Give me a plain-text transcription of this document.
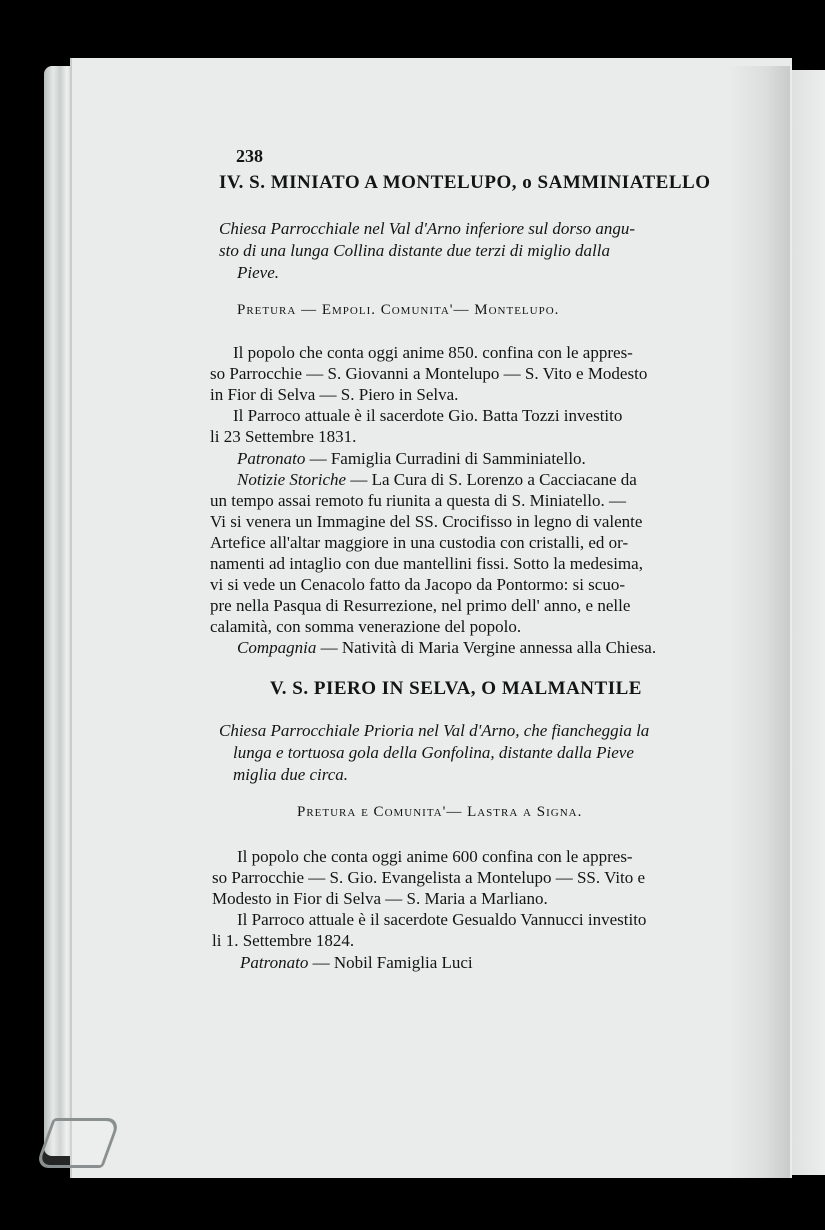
238
IV. S. MINIATO A MONTELUPO, o SAMMINIATELLO
Chiesa Parrocchiale nel Val d'Arno inferiore sul dorso angu-
sto di una lunga Collina distante due terzi di miglio dalla
Pieve.
Pretura — Empoli. Comunita'— Montelupo.
Il popolo che conta oggi anime 850. confina con le appres-
so Parrocchie — S. Giovanni a Montelupo — S. Vito e Modesto
in Fior di Selva — S. Piero in Selva.
Il Parroco attuale è il sacerdote Gio. Batta Tozzi investito
li 23 Settembre 1831.
Patronato — Famiglia Curradini di Samminiatello.
Notizie Storiche — La Cura di S. Lorenzo a Cacciacane da
un tempo assai remoto fu riunita a questa di S. Miniatello. —
Vi si venera un Immagine del SS. Crocifisso in legno di valente
Artefice all'altar maggiore in una custodia con cristalli, ed or-
namenti ad intaglio con due mantellini fissi. Sotto la medesima,
vi si vede un Cenacolo fatto da Jacopo da Pontormo: si scuo-
pre nella Pasqua di Resurrezione, nel primo dell' anno, e nelle
calamità, con somma venerazione del popolo.
Compagnia — Natività di Maria Vergine annessa alla Chiesa.
V. S. PIERO IN SELVA, O MALMANTILE
Chiesa Parrocchiale Prioria nel Val d'Arno, che fiancheggia la
lunga e tortuosa gola della Gonfolina, distante dalla Pieve
miglia due circa.
Pretura e Comunita'— Lastra a Signa.
Il popolo che conta oggi anime 600 confina con le appres-
so Parrocchie — S. Gio. Evangelista a Montelupo — SS. Vito e
Modesto in Fior di Selva — S. Maria a Marliano.
Il Parroco attuale è il sacerdote Gesualdo Vannucci investito
li 1. Settembre 1824.
Patronato — Nobil Famiglia Luci
